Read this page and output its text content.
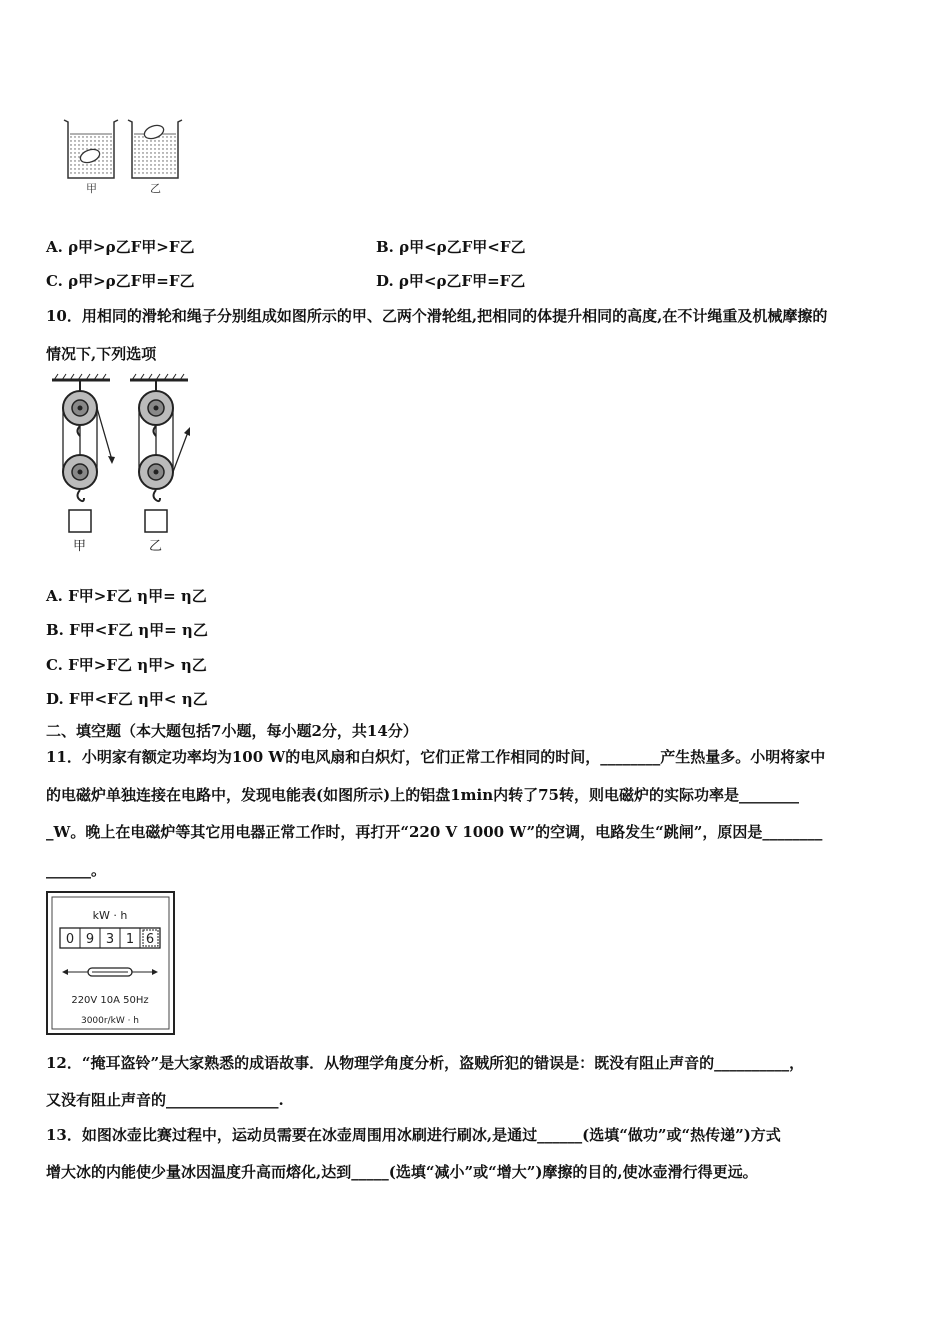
甲	乙
A. ρ甲>ρ乙F甲>F乙	B. ρ甲<ρ乙F甲<F乙
C. ρ甲>ρ乙F甲=F乙	D. ρ甲<ρ乙F甲=F乙
10．用相同的滑轮和绳子分别组成如图所示的甲、乙两个滑轮组,把相同的体提升相同的高度,在不计绳重及机械摩擦的
情况下,下列选项
甲	乙
A. F甲>F乙 η甲= η乙
B. F甲<F乙 η甲= η乙
C. F甲>F乙 η甲> η乙
D. F甲<F乙 η甲< η乙
二、填空题（本大题包括7小题，每小题2分，共14分）
11．小明家有额定功率均为100 W的电风扇和白炽灯，它们正常工作相同的时间，________产生热量多。小明将家中
的电磁炉单独连接在电路中，发现电能表(如图所示)上的铝盘1min内转了75转，则电磁炉的实际功率是________
_W。晚上在电磁炉等其它用电器正常工作时，再打开“220 V 1000 W”的空调，电路发生“跳闸”，原因是________
______。
kW · h
0 9 3 1 6
220V 10A 50Hz
3000r/kW · h
12．“掩耳盗铃”是大家熟悉的成语故事．从物理学角度分析，盗贼所犯的错误是：既没有阻止声音的__________，
又没有阻止声音的_______________.
13．如图冰壶比赛过程中，运动员需要在冰壶周围用冰刷进行刷冰,是通过______(选填“做功”或“热传递”)方式
增大冰的内能使少量冰因温度升高而熔化,达到_____(选填“减小”或“增大”)摩擦的目的,使冰壶滑行得更远。
